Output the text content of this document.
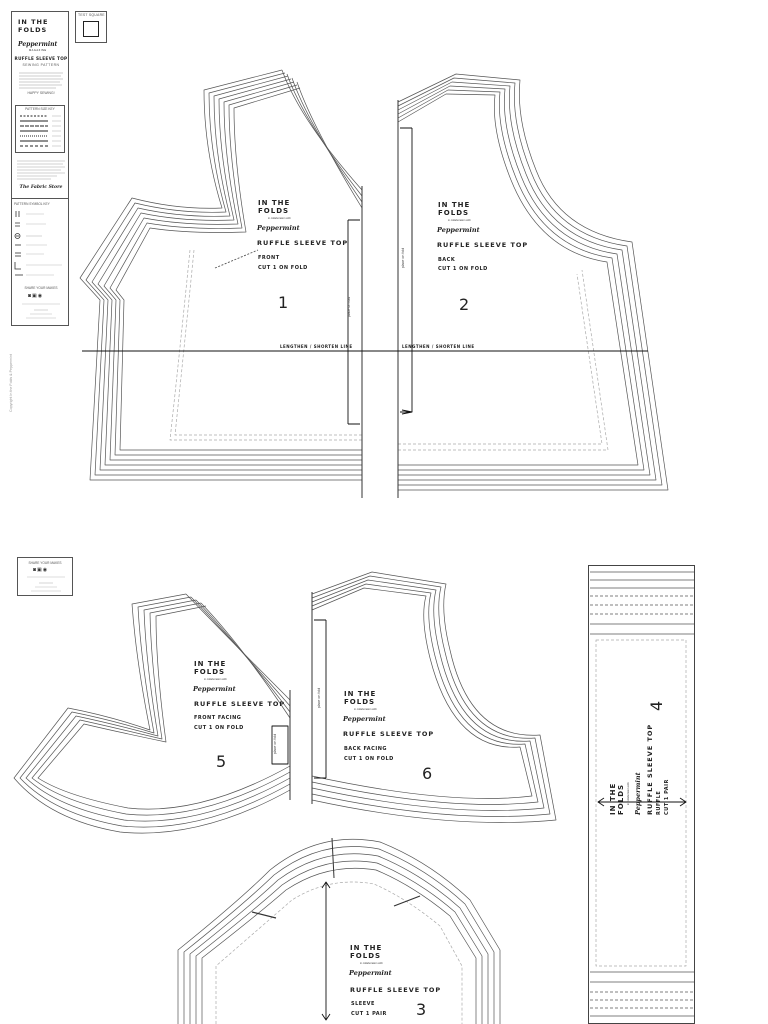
IN THE
FOLDS
Peppermint
MAGAZINE
RUFFLE SLEEVE TOP
SEWING PATTERN
HAPPY SEWING!
PATTERN SIZE KEY
The Fabric Store
PATTERN SYMBOL KEY
SHARE YOUR MAKES
◙▣◉
TEST SQUARE
Copyright In the Folds & Peppermint
SHARE YOUR MAKES
◙▣◉
IN THE
FOLDS
in collaboration with
Peppermint
RUFFLE SLEEVE TOP
FRONT
CUT 1 ON FOLD
1
LENGTHEN / SHORTEN LINE
place on fold
IN THE
FOLDS
in collaboration with
Peppermint
RUFFLE SLEEVE TOP
BACK
CUT 1 ON FOLD
2
LENGTHEN / SHORTEN LINE
place on fold
IN THE
FOLDS
in collaboration with
Peppermint
RUFFLE SLEEVE TOP
FRONT FACING
CUT 1 ON FOLD
5
place on fold
IN THE
FOLDS
in collaboration with
Peppermint
RUFFLE SLEEVE TOP
BACK FACING
CUT 1 ON FOLD
6
place on fold
IN THE
FOLDS
in collaboration with
Peppermint
RUFFLE SLEEVE TOP
SLEEVE
CUT 1 PAIR 3
IN THE FOLDS in collaboration with Peppermint RUFFLE SLEEVE TOP RUFFLE CUT 1 PAIR
4
